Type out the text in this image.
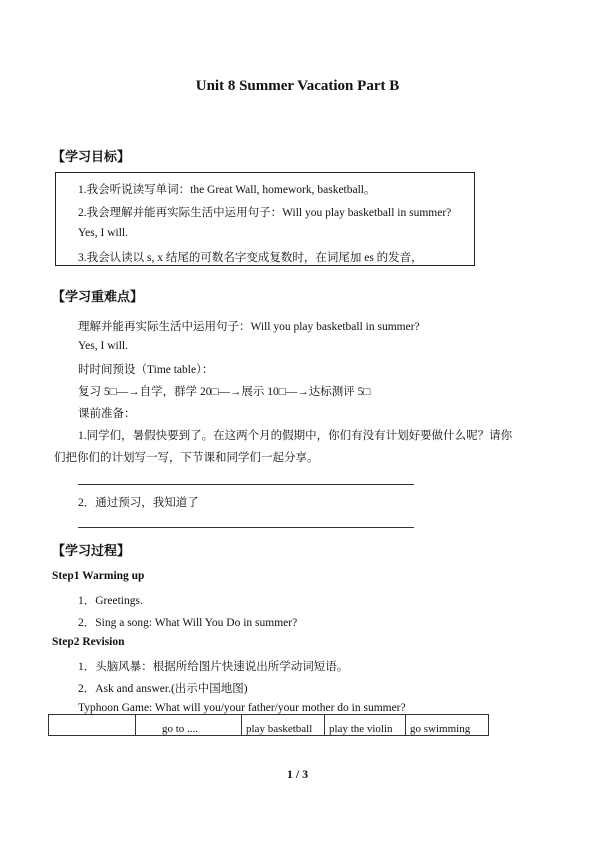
Unit 8 Summer Vacation Part B
【学习目标】
1.我会听说读写单词：the Great Wall, homework, basketball。
2.我会理解并能再实际生活中运用句子：Will you play basketball in summer?
Yes, I will.
3.我会认读以 s, x 结尾的可数名字变成复数时，在词尾加 es 的发音，
【学习重难点】
理解并能再实际生活中运用句子：Will you play basketball in summer?
Yes, I will.
时时间预设（Time table）：
复习 5□—→自学，群学 20□—→展示 10□—→达标测评 5□
课前准备：
1.同学们，暑假快要到了。在这两个月的假期中，你们有没有计划好要做什么呢？请你
们把你们的计划写一写，下节课和同学们一起分享。
2．通过预习，我知道了
【学习过程】
Step1 Warming up
1．Greetings.
2．Sing a song: What Will You Do in summer?
Step2 Revision
1．头脑风暴：根据所给图片快速说出所学动词短语。
2．Ask and answer.(出示中国地图)
Typhoon Game: What will you/your father/your mother do in summer?
	go to ....	play basketball	play the violin	go swimming
1 / 3
